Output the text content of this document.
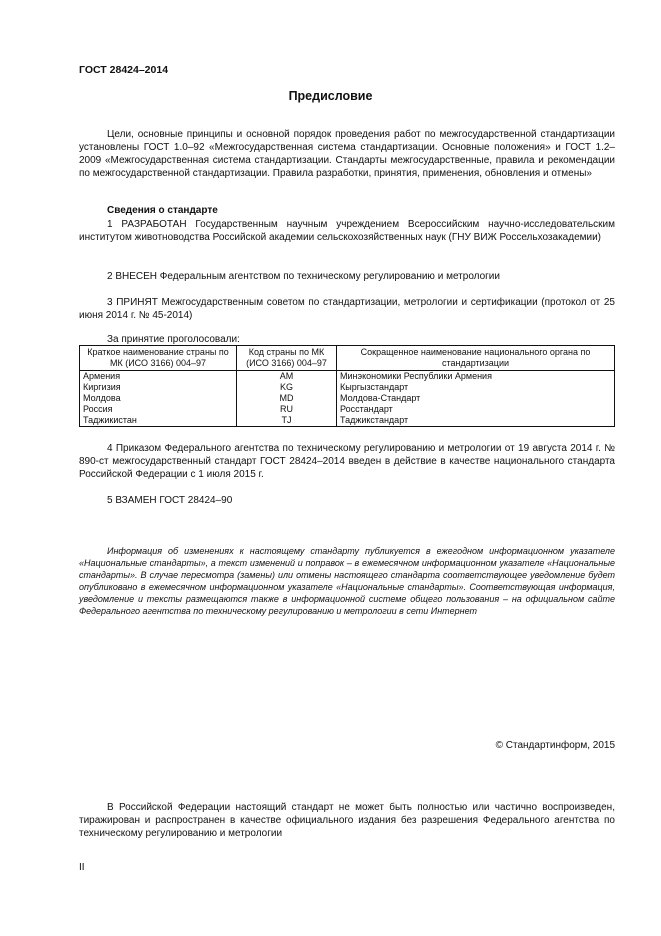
ГОСТ 28424–2014
Предисловие

Цели, основные принципы и основной порядок проведения работ по межгосударственной стандартизации установлены ГОСТ 1.0–92 «Межгосударственная система стандартизации. Основные положения» и ГОСТ 1.2–2009 «Межгосударственная система стандартизации. Стандарты межгосударственные, правила и рекомендации по межгосударственной стандартизации. Правила разработки, принятия, применения, обновления и отмены»

Сведения о стандарте

1 РАЗРАБОТАН Государственным научным учреждением Всероссийским научно-исследовательским институтом животноводства Российской академии сельскохозяйственных наук (ГНУ ВИЖ Россельхозакадемии)

2 ВНЕСЕН Федеральным агентством по техническому регулированию и метрологии

3 ПРИНЯТ Межгосударственным советом по стандартизации, метрологии и сертификации (протокол от 25 июня 2014 г. № 45-2014)

За принятие проголосовали:
Краткое наименование страны по МК (ИСО 3166) 004–97	Код страны по МК (ИСО 3166) 004–97	Сокращенное наименование национального органа по стандартизации
Армения	AM	Минэкономики Республики Армения
Киргизия	KG	Кыргызстандарт
Молдова	MD	Молдова-Стандарт
Россия	RU	Росстандарт
Таджикистан	TJ	Таджикстандарт

4 Приказом Федерального агентства по техническому регулированию и метрологии от 19 августа 2014 г. № 890-ст межгосударственный стандарт ГОСТ 28424–2014 введен в действие в качестве национального стандарта Российской Федерации с 1 июля 2015 г.

5 ВЗАМЕН ГОСТ 28424–90

Информация об изменениях к настоящему стандарту публикуется в ежегодном информационном указателе «Национальные стандарты», а текст изменений и поправок – в ежемесячном информационном указателе «Национальные стандарты». В случае пересмотра (замены) или отмены настоящего стандарта соответствующее уведомление будет опубликовано в ежемесячном информационном указателе «Национальные стандарты». Соответствующая информация, уведомление и тексты размещаются также в информационной системе общего пользования – на официальном сайте Федерального агентства по техническому регулированию и метрологии в сети Интернет

© Стандартинформ, 2015

В Российской Федерации настоящий стандарт не может быть полностью или частично воспроизведен, тиражирован и распространен в качестве официального издания без разрешения Федерального агентства по техническому регулированию и метрологии

II
